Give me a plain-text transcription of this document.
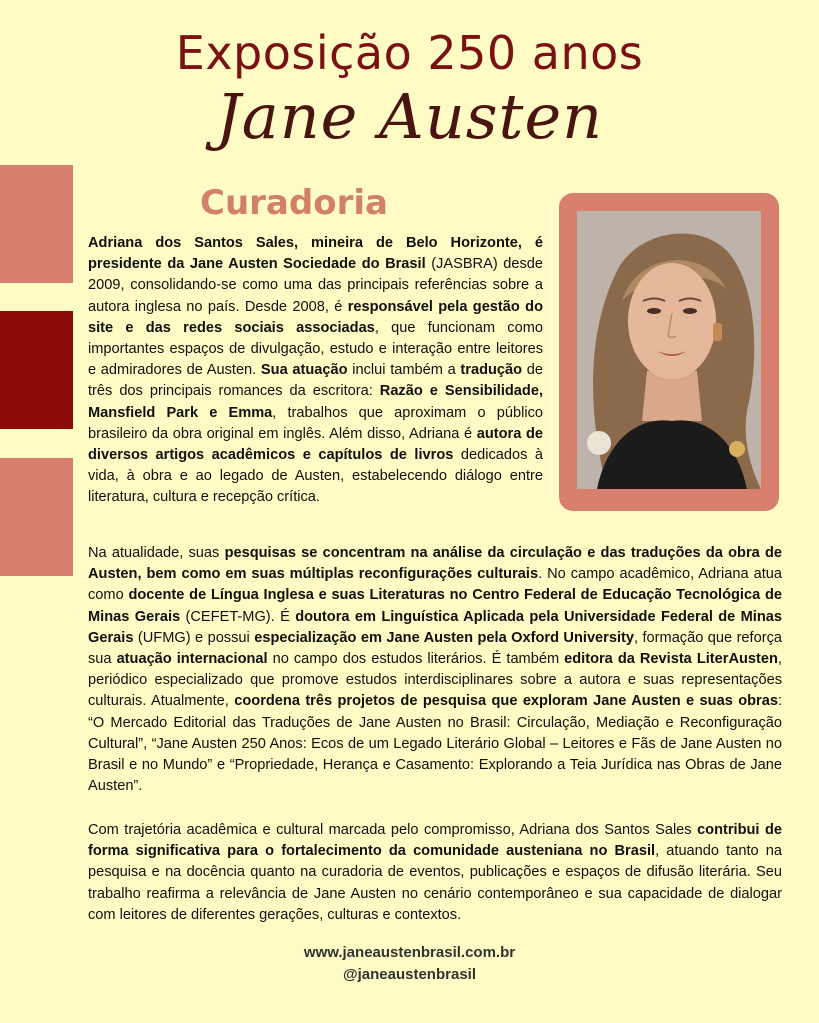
Exposição 250 anos
Jane Austen
Curadoria

Adriana dos Santos Sales, mineira de Belo Horizonte, é presidente da Jane Austen Sociedade do Brasil (JASBRA) desde 2009, consolidando-se como uma das principais referências sobre a autora inglesa no país. Desde 2008, é responsável pela gestão do site e das redes sociais associadas, que funcionam como importantes espaços de divulgação, estudo e interação entre leitores e admiradores de Austen. Sua atuação inclui também a tradução de três dos principais romances da escritora: Razão e Sensibilidade, Mansfield Park e Emma, trabalhos que aproximam o público brasileiro da obra original em inglês. Além disso, Adriana é autora de diversos artigos acadêmicos e capítulos de livros dedicados à vida, à obra e ao legado de Austen, estabelecendo diálogo entre literatura, cultura e recepção crítica.

Na atualidade, suas pesquisas se concentram na análise da circulação e das traduções da obra de Austen, bem como em suas múltiplas reconfigurações culturais. No campo acadêmico, Adriana atua como docente de Língua Inglesa e suas Literaturas no Centro Federal de Educação Tecnológica de Minas Gerais (CEFET-MG). É doutora em Linguística Aplicada pela Universidade Federal de Minas Gerais (UFMG) e possui especialização em Jane Austen pela Oxford University, formação que reforça sua atuação internacional no campo dos estudos literários. É também editora da Revista LiterAusten, periódico especializado que promove estudos interdisciplinares sobre a autora e suas representações culturais. Atualmente, coordena três projetos de pesquisa que exploram Jane Austen e suas obras: “O Mercado Editorial das Traduções de Jane Austen no Brasil: Circulação, Mediação e Reconfiguração Cultural”, “Jane Austen 250 Anos: Ecos de um Legado Literário Global – Leitores e Fãs de Jane Austen no Brasil e no Mundo” e “Propriedade, Herança e Casamento: Explorando a Teia Jurídica nas Obras de Jane Austen”.

Com trajetória acadêmica e cultural marcada pelo compromisso, Adriana dos Santos Sales contribui de forma significativa para o fortalecimento da comunidade austeniana no Brasil, atuando tanto na pesquisa e na docência quanto na curadoria de eventos, publicações e espaços de difusão literária. Seu trabalho reafirma a relevância de Jane Austen no cenário contemporâneo e sua capacidade de dialogar com leitores de diferentes gerações, culturas e contextos.

www.janeaustenbrasil.com.br
@janeaustenbrasil
